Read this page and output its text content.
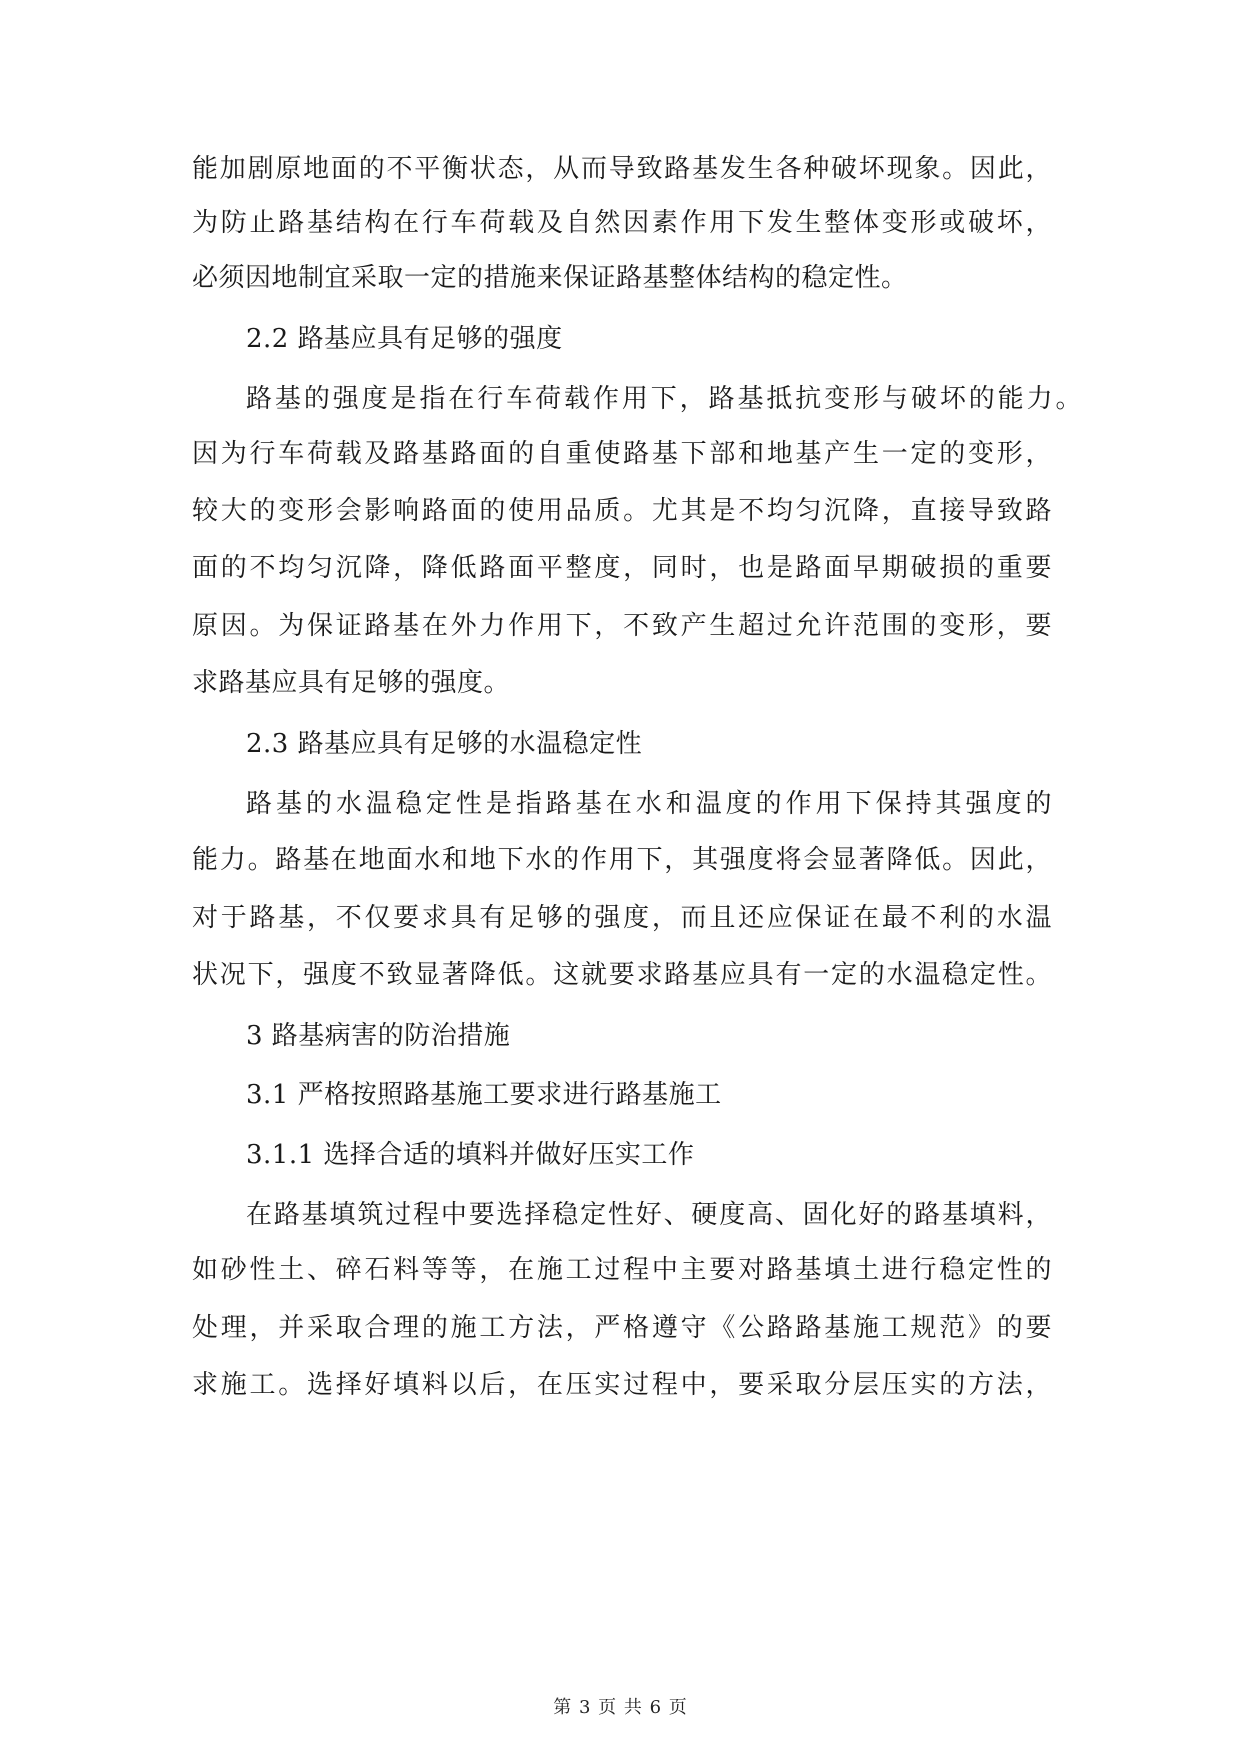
能加剧原地面的不平衡状态，从而导致路基发生各种破坏现象。因此，
为防止路基结构在行车荷载及自然因素作用下发生整体变形或破坏，
必须因地制宜采取一定的措施来保证路基整体结构的稳定性。
2.2 路基应具有足够的强度
路基的强度是指在行车荷载作用下，路基抵抗变形与破坏的能力。
因为行车荷载及路基路面的自重使路基下部和地基产生一定的变形，
较大的变形会影响路面的使用品质。尤其是不均匀沉降，直接导致路
面的不均匀沉降，降低路面平整度，同时，也是路面早期破损的重要
原因。为保证路基在外力作用下，不致产生超过允许范围的变形，要
求路基应具有足够的强度。
2.3 路基应具有足够的水温稳定性
路基的水温稳定性是指路基在水和温度的作用下保持其强度的
能力。路基在地面水和地下水的作用下，其强度将会显著降低。因此，
对于路基，不仅要求具有足够的强度，而且还应保证在最不利的水温
状况下，强度不致显著降低。这就要求路基应具有一定的水温稳定性。
3 路基病害的防治措施
3.1 严格按照路基施工要求进行路基施工
3.1.1 选择合适的填料并做好压实工作
在路基填筑过程中要选择稳定性好、硬度高、固化好的路基填料，
如砂性土、碎石料等等，在施工过程中主要对路基填土进行稳定性的
处理，并采取合理的施工方法，严格遵守《公路路基施工规范》的要
求施工。选择好填料以后，在压实过程中，要采取分层压实的方法，
第 3 页 共 6 页
